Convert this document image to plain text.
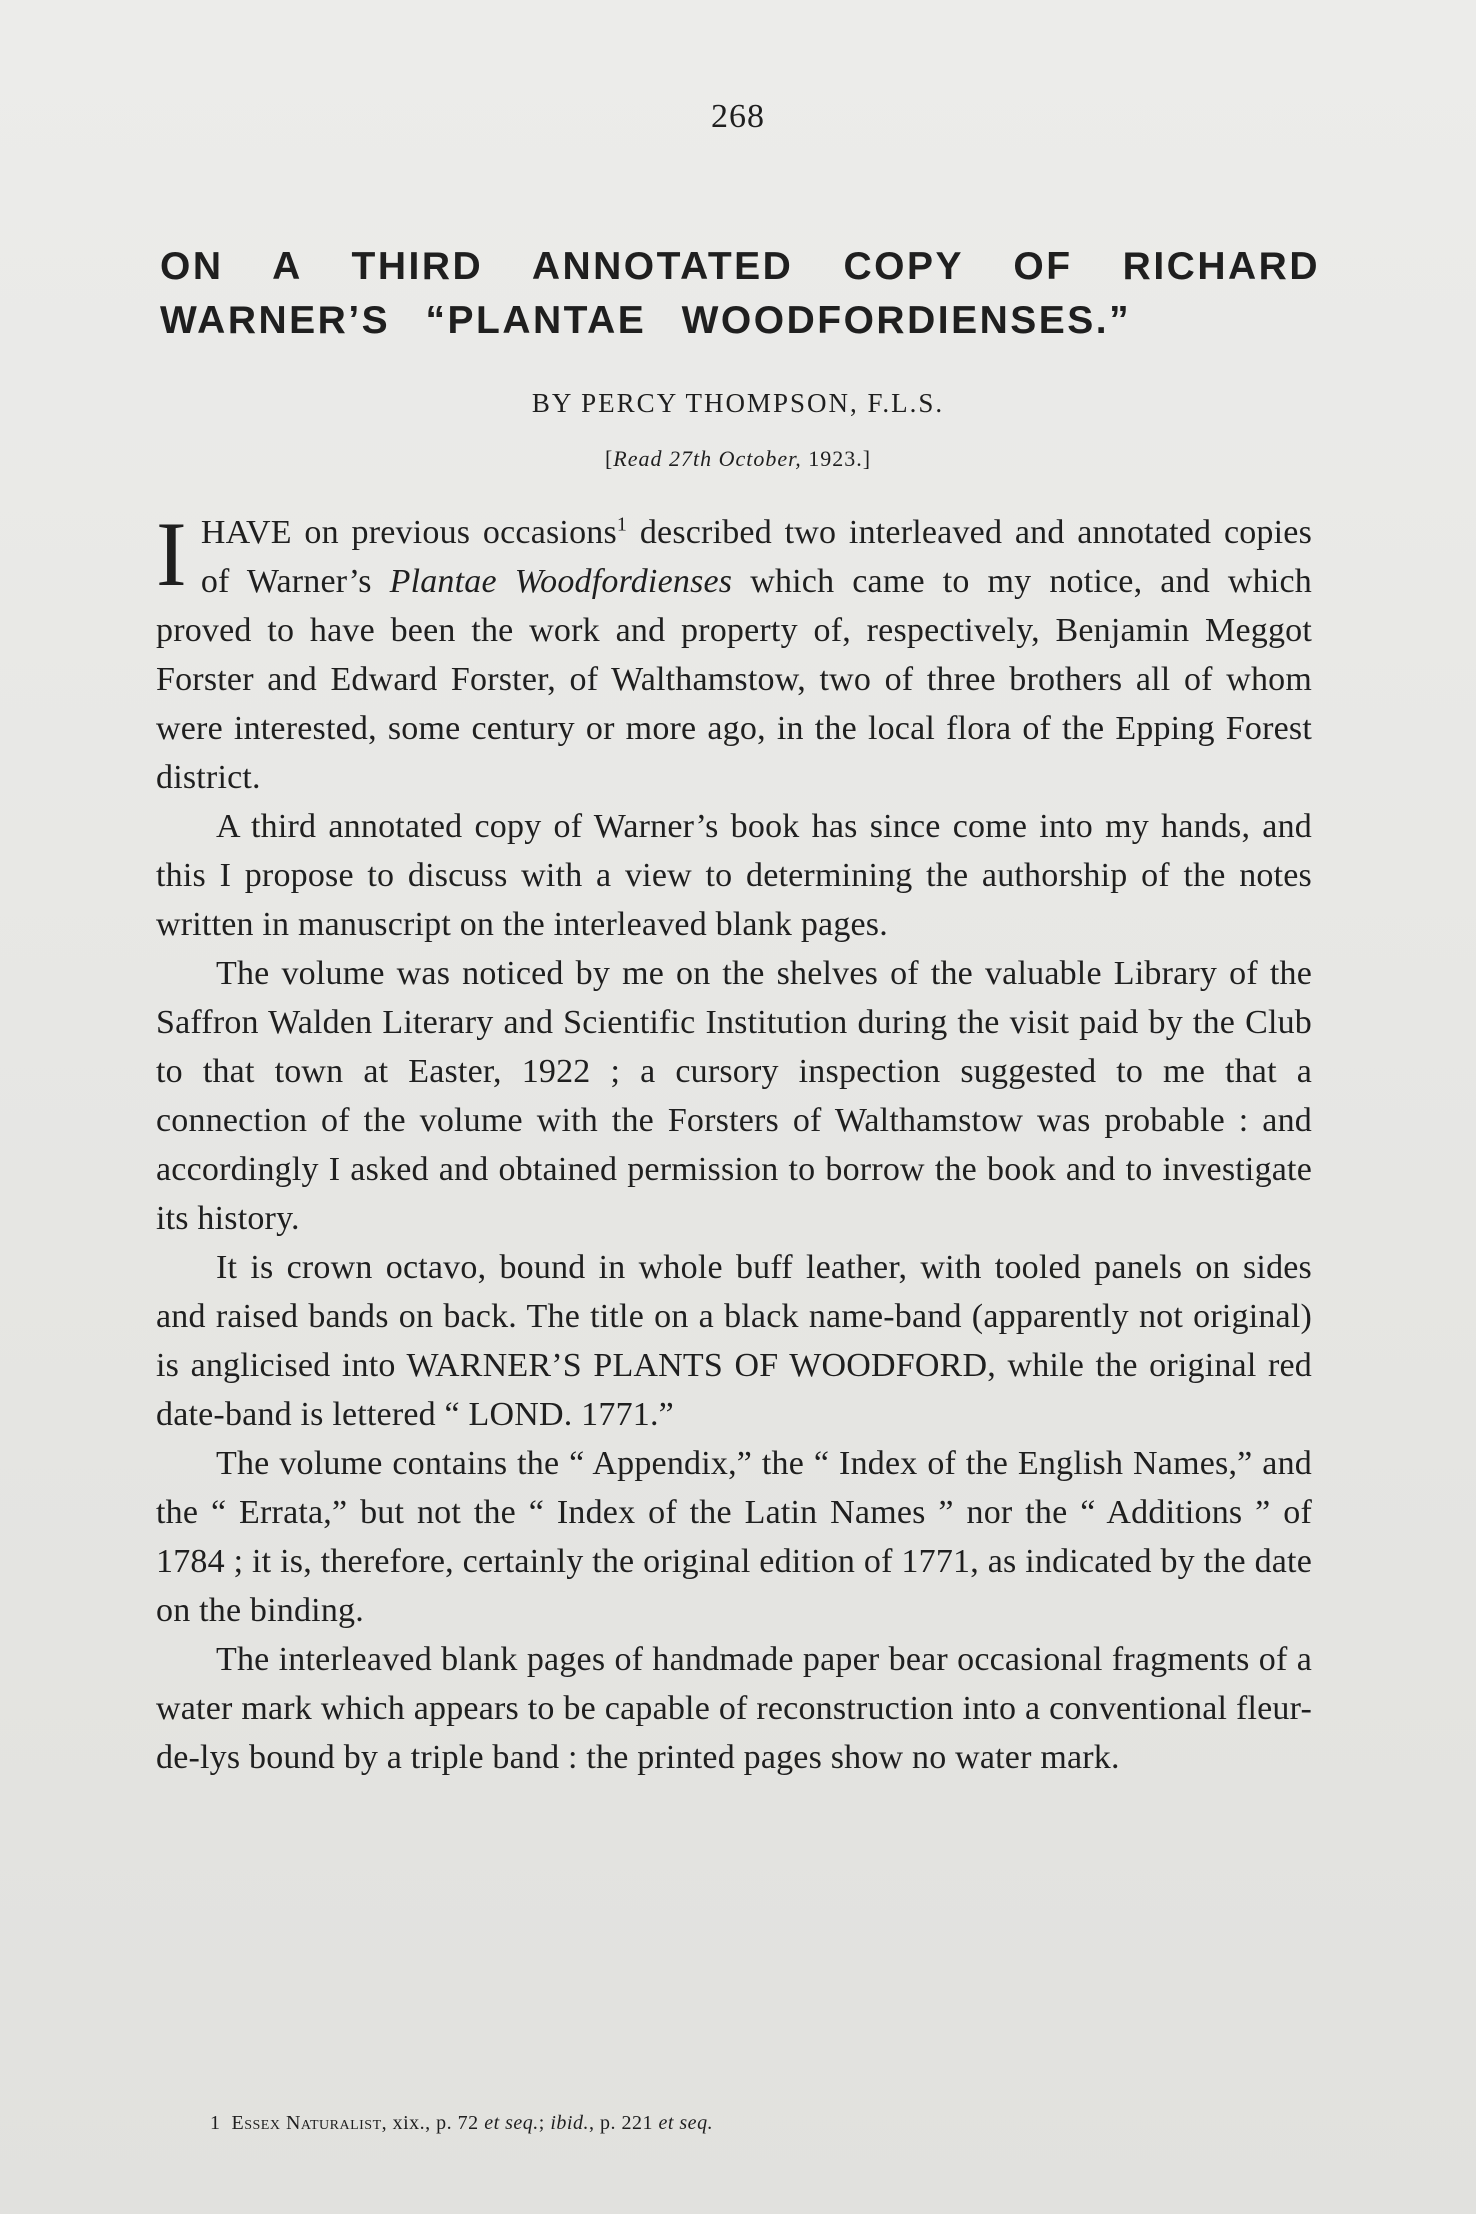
268
ON A THIRD ANNOTATED COPY OF RICHARD
WARNER’S “PLANTAE WOODFORDIENSES.”
BY PERCY THOMPSON, F.L.S.
[Read 27th October, 1923.]

IHAVE on previous occasions$^1$ described two interleaved and annotated copies of Warner’s Plantae Woodfordienses which came to my notice, and which proved to have been the work and property of, respectively, Benjamin Meggot Forster and Edward Forster, of Walthamstow, two of three brothers all of whom were interested, some century or more ago, in the local flora of the Epping Forest district.

A third annotated copy of Warner’s book has since come into my hands, and this I propose to discuss with a view to determining the authorship of the notes written in manuscript on the interleaved blank pages.

The volume was noticed by me on the shelves of the valuable Library of the Saffron Walden Literary and Scientific Institution during the visit paid by the Club to that town at Easter, 1922 ; a cursory inspection suggested to me that a connection of the volume with the Forsters of Walthamstow was probable : and accordingly I asked and obtained permission to borrow the book and to investigate its history.

It is crown octavo, bound in whole buff leather, with tooled panels on sides and raised bands on back. The title on a black name-band (apparently not original) is anglicised into WARNER’S PLANTS OF WOODFORD, while the original red date-band is lettered “ LOND. 1771.”

The volume contains the “ Appendix,” the “ Index of the English Names,” and the “ Errata,” but not the “ Index of the Latin Names ” nor the “ Additions ” of 1784 ; it is, therefore, certainly the original edition of 1771, as indicated by the date on the binding.

The interleaved blank pages of handmade paper bear occasional fragments of a water mark which appears to be capable of reconstruction into a conventional fleur-de-lys bound by a triple band : the printed pages show no water mark.

1 Essex Naturalist, xix., p. 72 et seq.; ibid., p. 221 et seq.
